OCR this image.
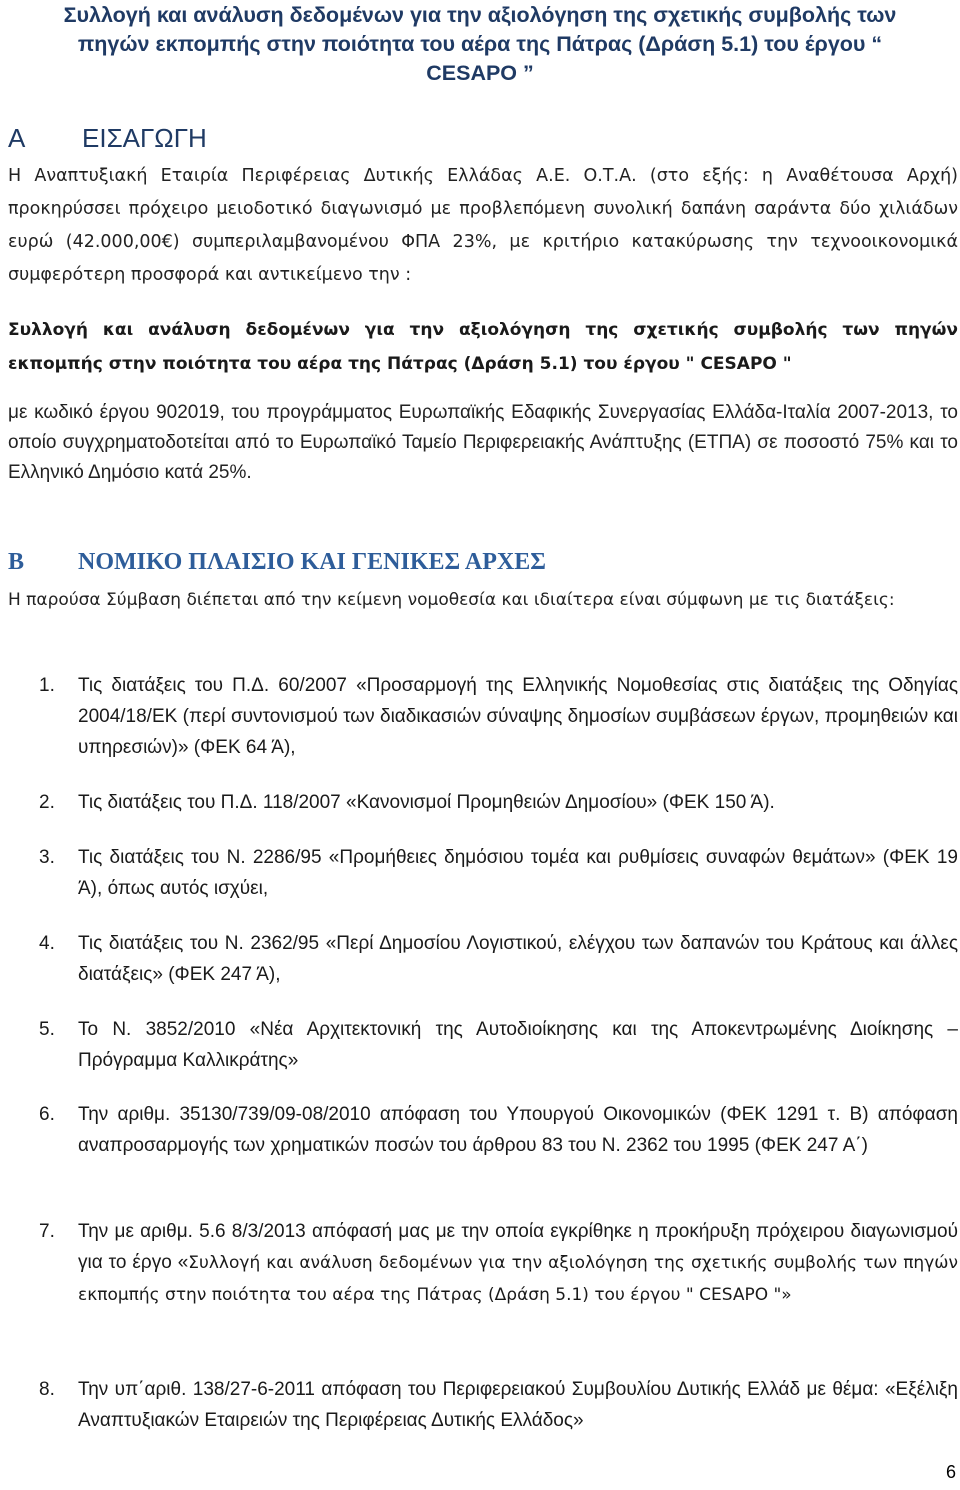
Συλλογή και ανάλυση δεδομένων για την αξιολόγηση της σχετικής συμβολής των
πηγών εκπομπής στην ποιότητα του αέρα της Πάτρας (Δράση 5.1) του έργου “
CESAPO ”
Α ΕΙΣΑΓΩΓΗ
Η Αναπτυξιακή Εταιρία Περιφέρειας Δυτικής Ελλάδας Α.Ε. Ο.Τ.Α. (στο εξής: η Αναθέτουσα Αρχή) προκηρύσσει πρόχειρο μειοδοτικό διαγωνισμό με προβλεπόμενη συνολική δαπάνη σαράντα δύο χιλιάδων ευρώ (42.000,00€) συμπεριλαμβανομένου ΦΠΑ 23%, με κριτήριο κατακύρωσης την τεχνοοικονομικά συμφερότερη προσφορά και αντικείμενο την :
Συλλογή και ανάλυση δεδομένων για την αξιολόγηση της σχετικής συμβολής των πηγών εκπομπής στην ποιότητα του αέρα της Πάτρας (Δράση 5.1) του έργου " CESAPO "
με κωδικό έργου 902019, του προγράμματος Ευρωπαϊκής Εδαφικής Συνεργασίας Ελλάδα-Ιταλία 2007-2013, το οποίο συγχρηματοδοτείται από το Ευρωπαϊκό Ταμείο Περιφερειακής Ανάπτυξης (ΕΤΠΑ) σε ποσοστό 75% και το Ελληνικό Δημόσιο κατά 25%.
Β ΝΟΜΙΚΟ ΠΛΑΙΣΙΟ ΚΑΙ ΓΕΝΙΚΕΣ ΑΡΧΕΣ
Η παρούσα Σύμβαση διέπεται από την κείμενη νομοθεσία και ιδιαίτερα είναι σύμφωνη με τις διατάξεις:
1. Τις διατάξεις του Π.Δ. 60/2007 «Προσαρμογή της Ελληνικής Νομοθεσίας στις διατάξεις της Οδηγίας 2004/18/ΕΚ (περί συντονισμού των διαδικασιών σύναψης δημοσίων συμβάσεων έργων, προμηθειών και υπηρεσιών)» (ΦΕΚ 64 Ά),
2. Τις διατάξεις του Π.Δ. 118/2007 «Κανονισμοί Προμηθειών Δημοσίου» (ΦΕΚ 150 Ά).
3. Τις διατάξεις του Ν. 2286/95 «Προμήθειες δημόσιου τομέα και ρυθμίσεις συναφών θεμάτων» (ΦΕΚ 19 Ά), όπως αυτός ισχύει,
4. Τις διατάξεις του Ν. 2362/95 «Περί Δημοσίου Λογιστικού, ελέγχου των δαπανών του Κράτους και άλλες διατάξεις» (ΦΕΚ 247 Ά),
5. Το Ν. 3852/2010 «Νέα Αρχιτεκτονική της Αυτοδιοίκησης και της Αποκεντρωμένης Διοίκησης – Πρόγραμμα Καλλικράτης»
6. Την αριθμ. 35130/739/09-08/2010 απόφαση του Υπουργού Οικονομικών (ΦΕΚ 1291 τ. Β) απόφαση αναπροσαρμογής των χρηματικών ποσών του άρθρου 83 του Ν. 2362 του 1995 (ΦΕΚ 247 Α΄)
7. Την με αριθμ. 5.6 8/3/2013 απόφασή μας με την οποία εγκρίθηκε η προκήρυξη πρόχειρου διαγωνισμού για το έργο «Συλλογή και ανάλυση δεδομένων για την αξιολόγηση της σχετικής συμβολής των πηγών εκπομπής στην ποιότητα του αέρα της Πάτρας (Δράση 5.1) του έργου " CESAPO "»
8. Την υπ΄αριθ. 138/27-6-2011 απόφαση του Περιφερειακού Συμβουλίου Δυτικής Ελλάδ με θέμα: «Εξέλιξη Αναπτυξιακών Εταιρειών της Περιφέρειας Δυτικής Ελλάδος»
6
